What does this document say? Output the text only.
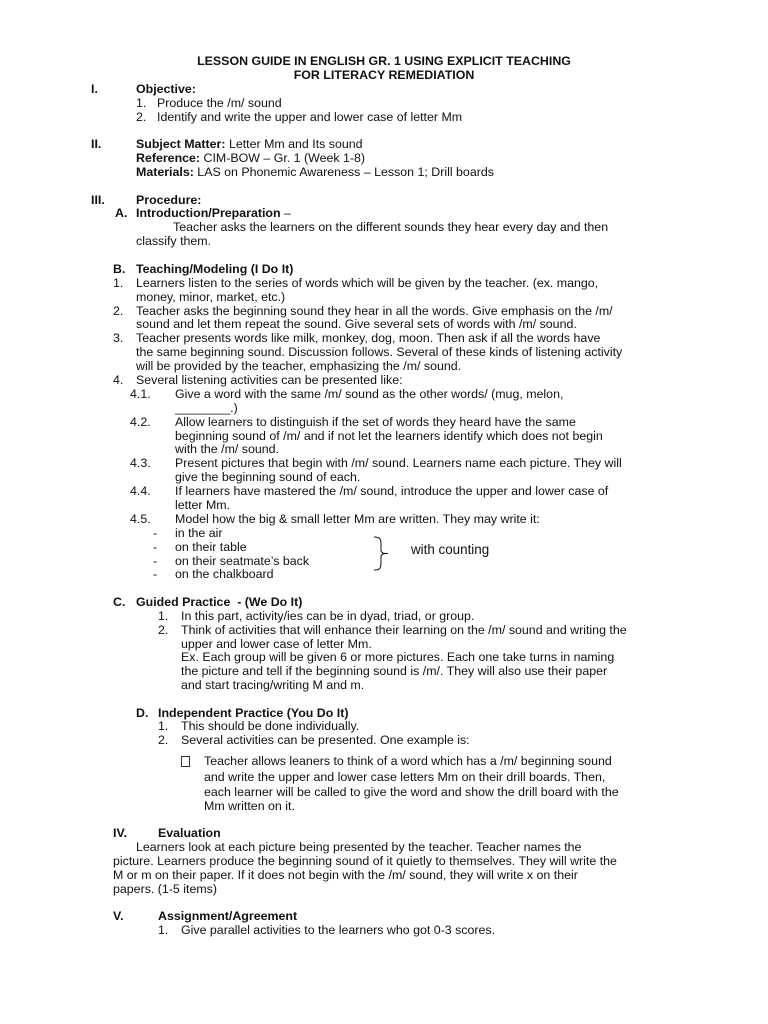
LESSON GUIDE IN ENGLISH GR. 1 USING EXPLICIT TEACHING
FOR LITERACY REMEDIATION
I.	Objective:
1. Produce the /m/ sound
2. Identify and write the upper and lower case of letter Mm
II.	Subject Matter: Letter Mm and Its sound
Reference: CIM-BOW – Gr. 1 (Week 1-8)
Materials: LAS on Phonemic Awareness – Lesson 1; Drill boards
III.	Procedure:
A. Introduction/Preparation –
Teacher asks the learners on the different sounds they hear every day and then
classify them.
B. Teaching/Modeling (I Do It)
1. Learners listen to the series of words which will be given by the teacher. (ex. mango,
money, minor, market, etc.)
2. Teacher asks the beginning sound they hear in all the words. Give emphasis on the /m/
sound and let them repeat the sound. Give several sets of words with /m/ sound.
3. Teacher presents words like milk, monkey, dog, moon. Then ask if all the words have
the same beginning sound. Discussion follows. Several of these kinds of listening activity
will be provided by the teacher, emphasizing the /m/ sound.
4. Several listening activities can be presented like:
4.1. Give a word with the same /m/ sound as the other words/ (mug, melon,
________.)
4.2. Allow learners to distinguish if the set of words they heard have the same
beginning sound of /m/ and if not let the learners identify which does not begin
with the /m/ sound.
4.3. Present pictures that begin with /m/ sound. Learners name each picture. They will
give the beginning sound of each.
4.4. If learners have mastered the /m/ sound, introduce the upper and lower case of
letter Mm.
4.5. Model how the big & small letter Mm are written. They may write it:
- in the air
- on their table
- on their seatmate’s back
- on the chalkboard
with counting
C. Guided Practice  - (We Do It)
1. In this part, activity/ies can be in dyad, triad, or group.
2. Think of activities that will enhance their learning on the /m/ sound and writing the
upper and lower case of letter Mm.
Ex. Each group will be given 6 or more pictures. Each one take turns in naming
the picture and tell if the beginning sound is /m/. They will also use their paper
and start tracing/writing M and m.
D. Independent Practice (You Do It)
1. This should be done individually.
2. Several activities can be presented. One example is:
Teacher allows leaners to think of a word which has a /m/ beginning sound
and write the upper and lower case letters Mm on their drill boards. Then,
each learner will be called to give the word and show the drill board with the
Mm written on it.
IV. Evaluation
Learners look at each picture being presented by the teacher. Teacher names the
picture. Learners produce the beginning sound of it quietly to themselves. They will write the
M or m on their paper. If it does not begin with the /m/ sound, they will write x on their
papers. (1-5 items)
V.	Assignment/Agreement
1. Give parallel activities to the learners who got 0-3 scores.
